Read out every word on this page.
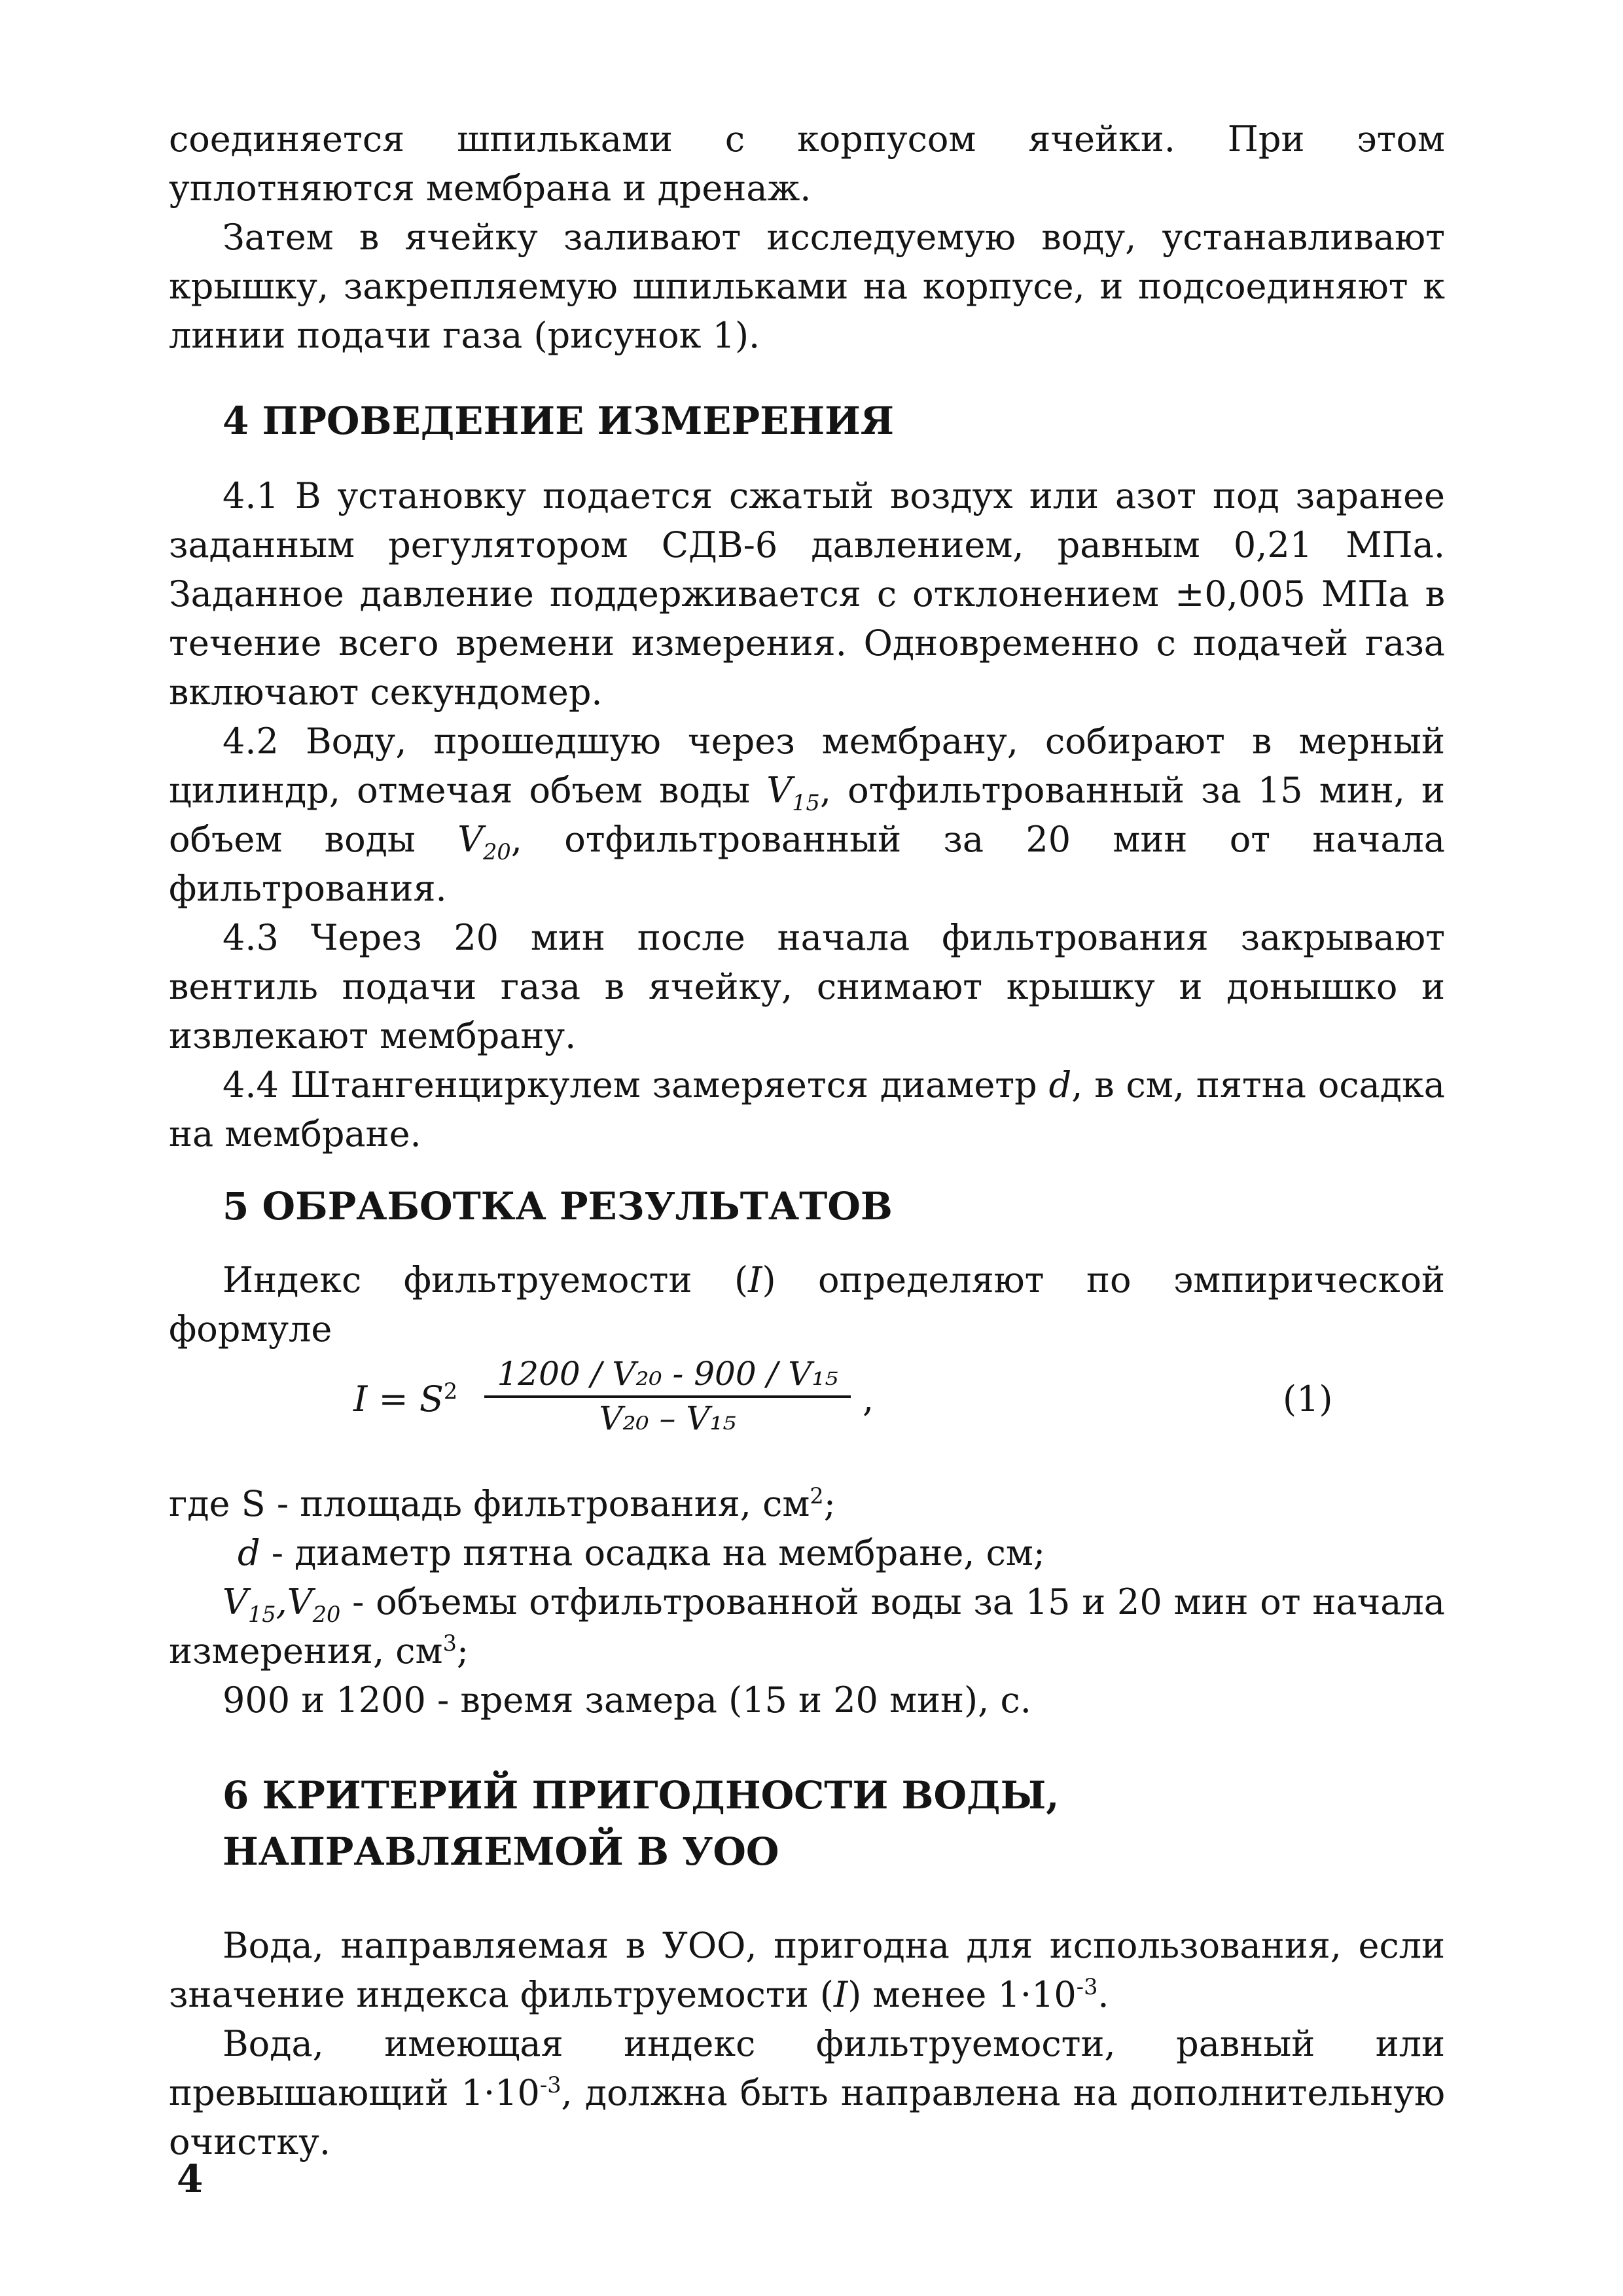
соединяется шпильками с корпусом ячейки. При этом уплотняются мембрана и дренаж.

Затем в ячейку заливают исследуемую воду, устанавливают крышку, закрепляемую шпильками на корпусе, и подсоединяют к линии подачи газа (рисунок 1).

4 ПРОВЕДЕНИЕ ИЗМЕРЕНИЯ

4.1 В установку подается сжатый воздух или азот под заранее заданным регулятором СДВ-6 давлением, равным 0,21 МПа. Заданное давление поддерживается с отклонением ±0,005 МПа в течение всего времени измерения. Одновременно с подачей газа включают секундомер.

4.2 Воду, прошедшую через мембрану, собирают в мерный цилиндр, отмечая объем воды $V_{15}$, отфильтрованный за 15 мин, и объем воды $V_{20}$, отфильтрованный за 20 мин от начала фильтрования.

4.3 Через 20 мин после начала фильтрования закрывают вентиль подачи газа в ячейку, снимают крышку и донышко и извлекают мембрану.

4.4 Штангенциркулем замеряется диаметр d, в см, пятна осадка на мембране.

5 ОБРАБОТКА РЕЗУЛЬТАТОВ

Индекс фильтруемости (I) определяют по эмпирической формуле

$I = S^2 \frac{\text{1200 / V₂₀ - 900 / V₁₅}}{\text{V₂₀ – V₁₅}}$ ,	(1)

где S - площадь фильтрования, $см^2$;

d - диаметр пятна осадка на мембране, см;

$V_{15},V_{20}$ - объемы отфильтрованной воды за 15 и 20 мин от начала измерения, $см^3$;

900 и 1200 - время замера (15 и 20 мин), с.

6 КРИТЕРИЙ ПРИГОДНОСТИ ВОДЫ,
НАПРАВЛЯЕМОЙ В УОО

Вода, направляемая в УОО, пригодна для использования, если значение индекса фильтруемости (I) менее $1\cdot 10^{-3}$.

Вода, имеющая индекс фильтруемости, равный или превышающий $1\cdot 10^{-3}$, должна быть направлена на дополнительную очистку.

4
